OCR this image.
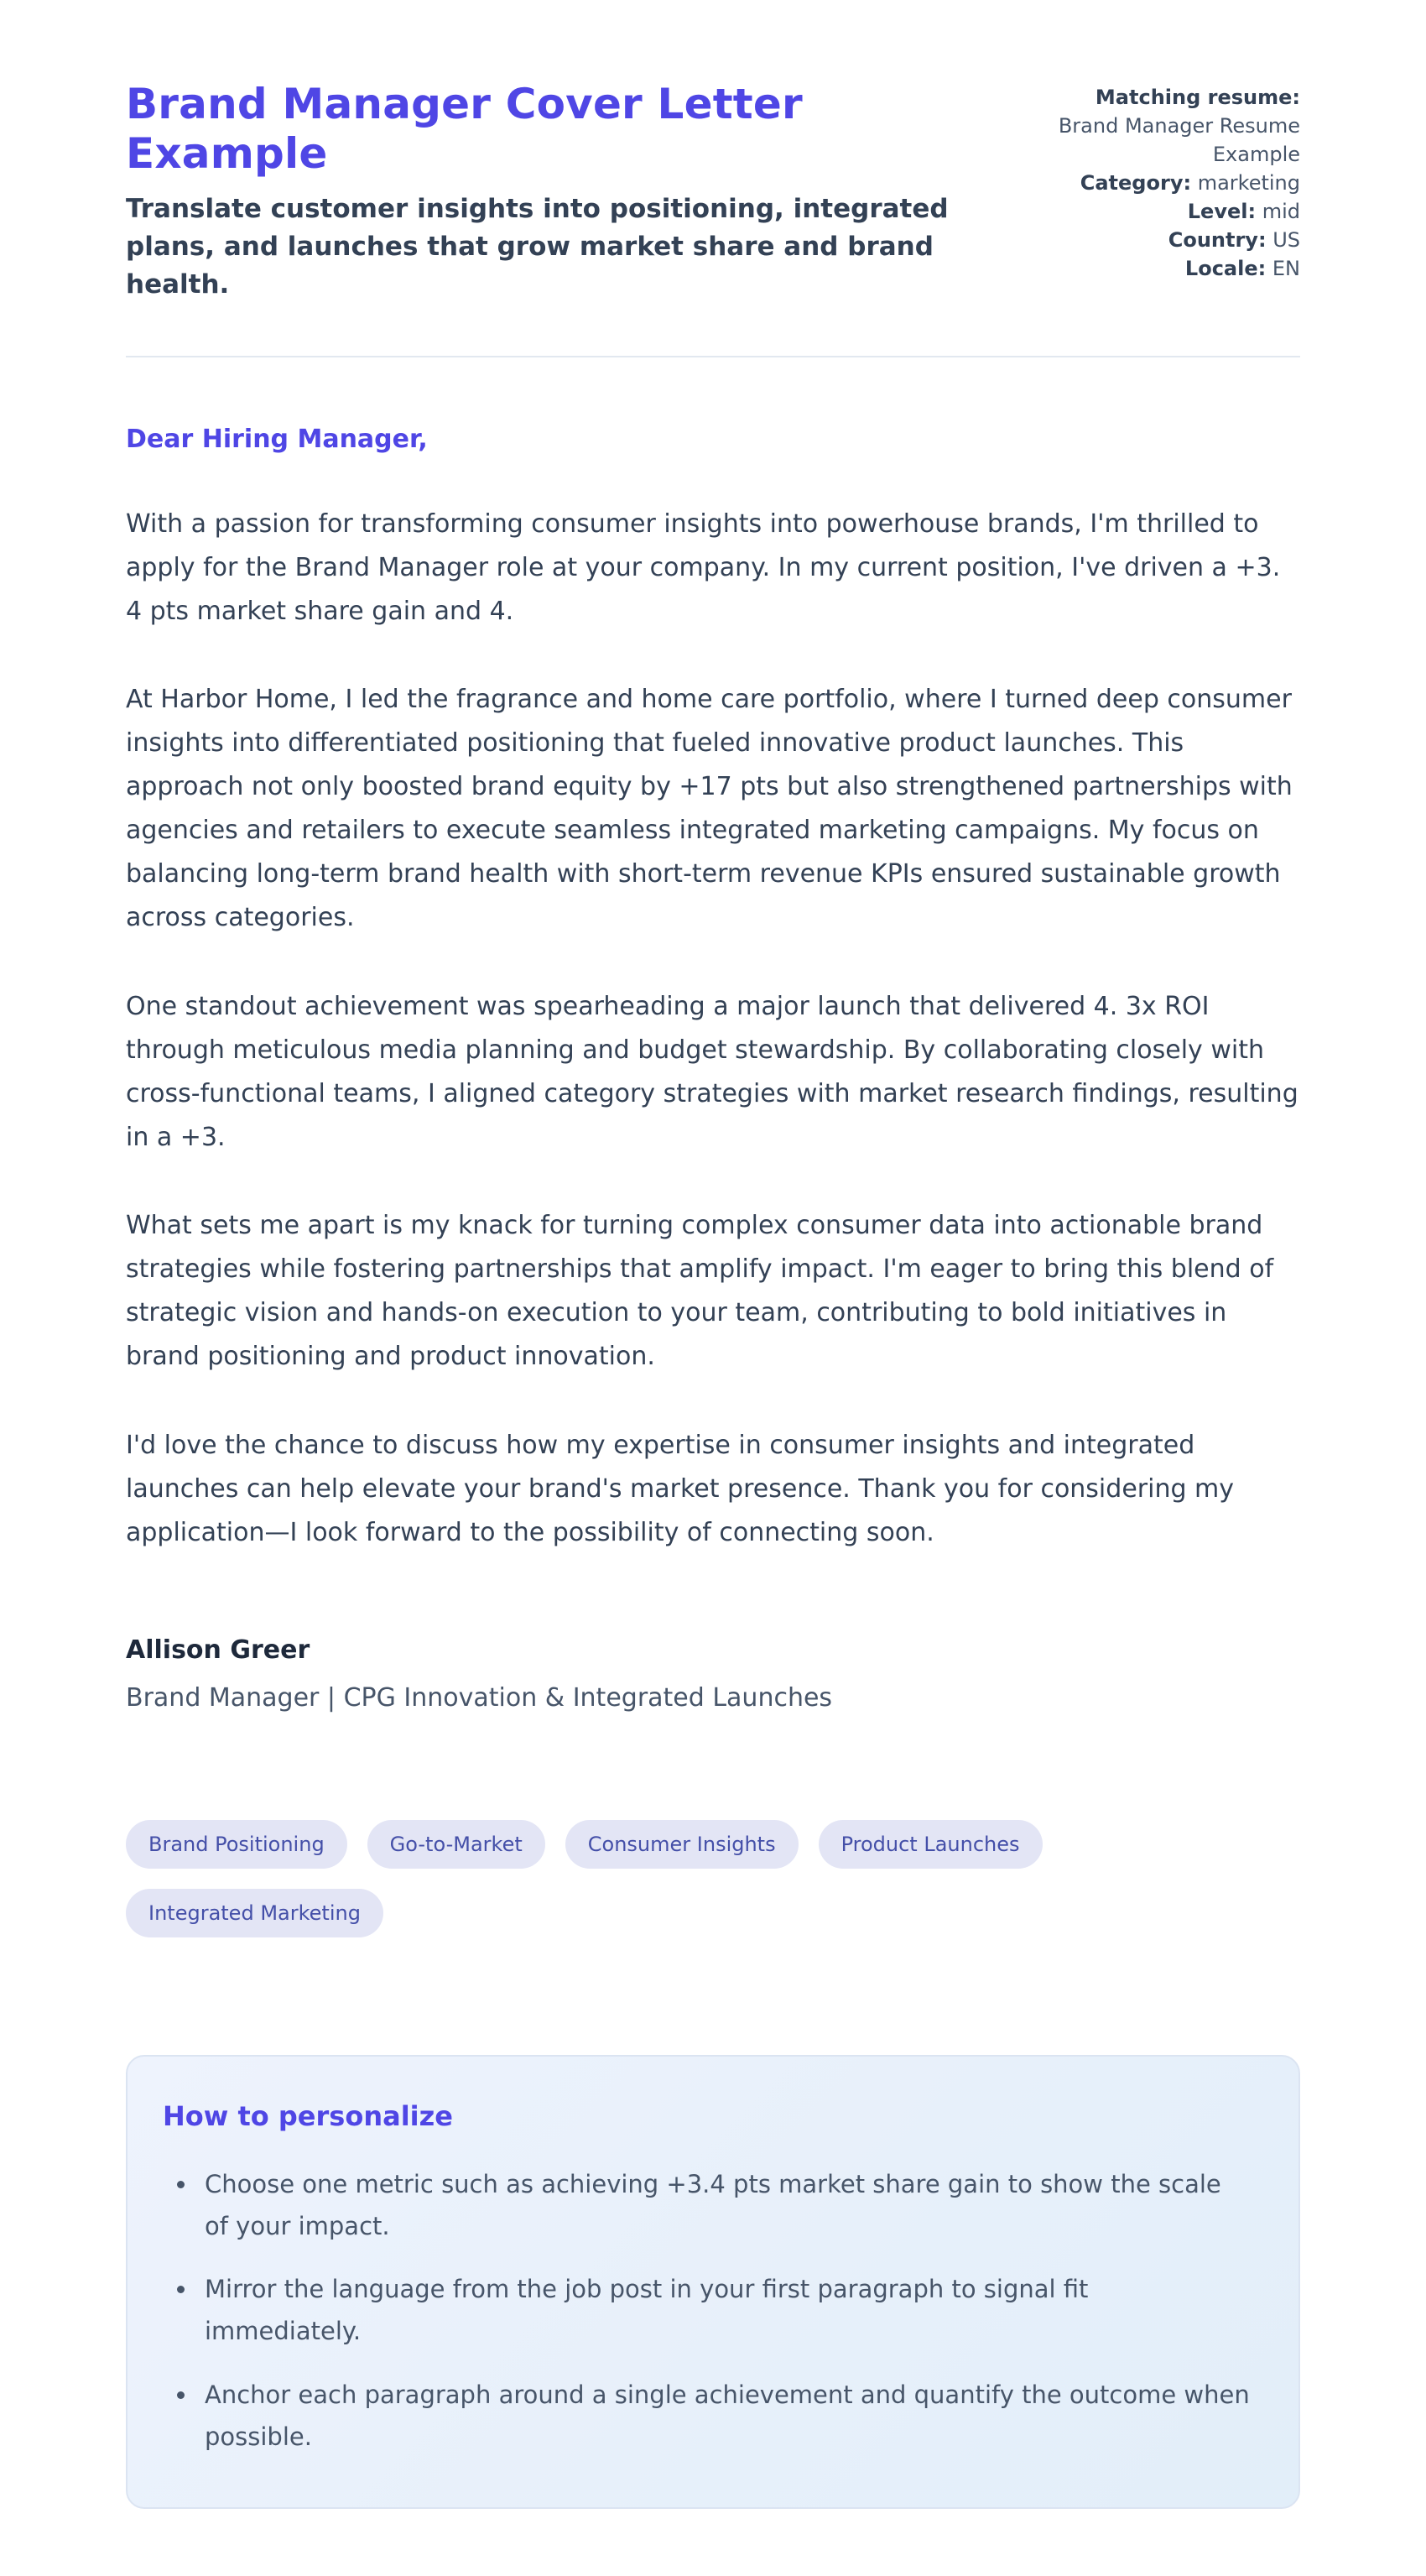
Brand Manager Cover Letter Example
Translate customer insights into positioning, integrated plans, and launches that grow market share and brand health.
Matching resume:
Brand Manager Resume Example
Category: marketing
Level: mid
Country: US
Locale: EN
Dear Hiring Manager,

With a passion for transforming consumer insights into powerhouse brands, I'm thrilled to apply for the Brand Manager role at your company. In my current position, I've driven a +3. 4 pts market share gain and 4.

At Harbor Home, I led the fragrance and home care portfolio, where I turned deep consumer insights into differentiated positioning that fueled innovative product launches. This approach not only boosted brand equity by +17 pts but also strengthened partnerships with agencies and retailers to execute seamless integrated marketing campaigns. My focus on balancing long-term brand health with short-term revenue KPIs ensured sustainable growth across categories.

One standout achievement was spearheading a major launch that delivered 4. 3x ROI through meticulous media planning and budget stewardship. By collaborating closely with cross-functional teams, I aligned category strategies with market research findings, resulting in a +3.

What sets me apart is my knack for turning complex consumer data into actionable brand strategies while fostering partnerships that amplify impact. I'm eager to bring this blend of strategic vision and hands-on execution to your team, contributing to bold initiatives in brand positioning and product innovation.

I'd love the chance to discuss how my expertise in consumer insights and integrated launches can help elevate your brand's market presence. Thank you for considering my application—I look forward to the possibility of connecting soon.

Allison Greer
Brand Manager | CPG Innovation & Integrated Launches
Brand Positioning	Go-to-Market	Consumer Insights	Product Launches
Integrated Marketing
How to personalize
• Choose one metric such as achieving +3.4 pts market share gain to show the scale of your impact.
• Mirror the language from the job post in your first paragraph to signal fit immediately.
• Anchor each paragraph around a single achievement and quantify the outcome when possible.
